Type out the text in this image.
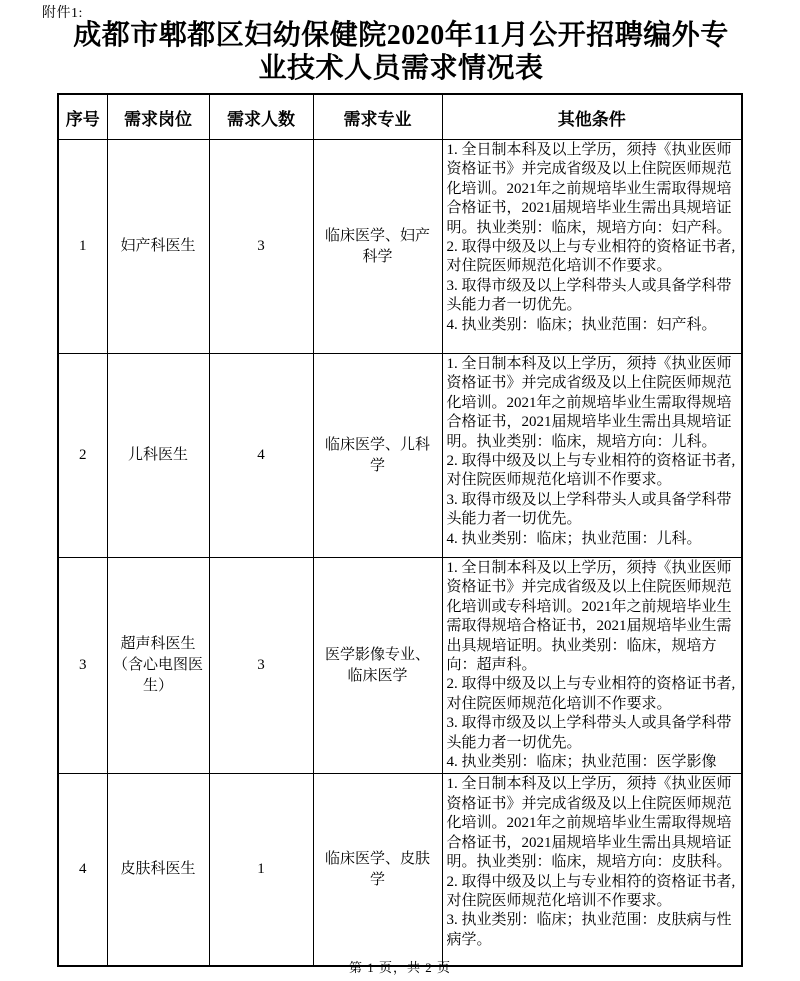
附件1:
成都市郫都区妇幼保健院2020年11月公开招聘编外专业技术人员需求情况表
序号	需求岗位	需求人数	需求专业	其他条件
1	妇产科医生	3	临床医学、妇产科学	1. 全日制本科及以上学历，须持《执业医师资格证书》并完成省级及以上住院医师规范化培训。2021年之前规培毕业生需取得规培合格证书，2021届规培毕业生需出具规培证明。执业类别：临床，规培方向：妇产科。

2. 取得中级及以上与专业相符的资格证书者,对住院医师规范化培训不作要求。

3. 取得市级及以上学科带头人或具备学科带头能力者一切优先。

4. 执业类别：临床；执业范围：妇产科。

2	儿科医生	4	临床医学、儿科学	1. 全日制本科及以上学历，须持《执业医师资格证书》并完成省级及以上住院医师规范化培训。2021年之前规培毕业生需取得规培合格证书，2021届规培毕业生需出具规培证明。执业类别：临床，规培方向：儿科。

2. 取得中级及以上与专业相符的资格证书者,对住院医师规范化培训不作要求。

3. 取得市级及以上学科带头人或具备学科带头能力者一切优先。

4. 执业类别：临床；执业范围：儿科。

3	超声科医生（含心电图医生）	3	医学影像专业、临床医学	1. 全日制本科及以上学历，须持《执业医师资格证书》并完成省级及以上住院医师规范化培训或专科培训。2021年之前规培毕业生需取得规培合格证书，2021届规培毕业生需出具规培证明。执业类别：临床，规培方向：超声科。

2. 取得中级及以上与专业相符的资格证书者,对住院医师规范化培训不作要求。

3. 取得市级及以上学科带头人或具备学科带头能力者一切优先。

4. 执业类别：临床；执业范围：医学影像

4	皮肤科医生	1	临床医学、皮肤学	1. 全日制本科及以上学历，须持《执业医师资格证书》并完成省级及以上住院医师规范化培训。2021年之前规培毕业生需取得规培合格证书，2021届规培毕业生需出具规培证明。执业类别：临床，规培方向：皮肤科。

2. 取得中级及以上与专业相符的资格证书者,对住院医师规范化培训不作要求。

3. 执业类别：临床；执业范围：皮肤病与性病学。

第 1 页，共 2 页
